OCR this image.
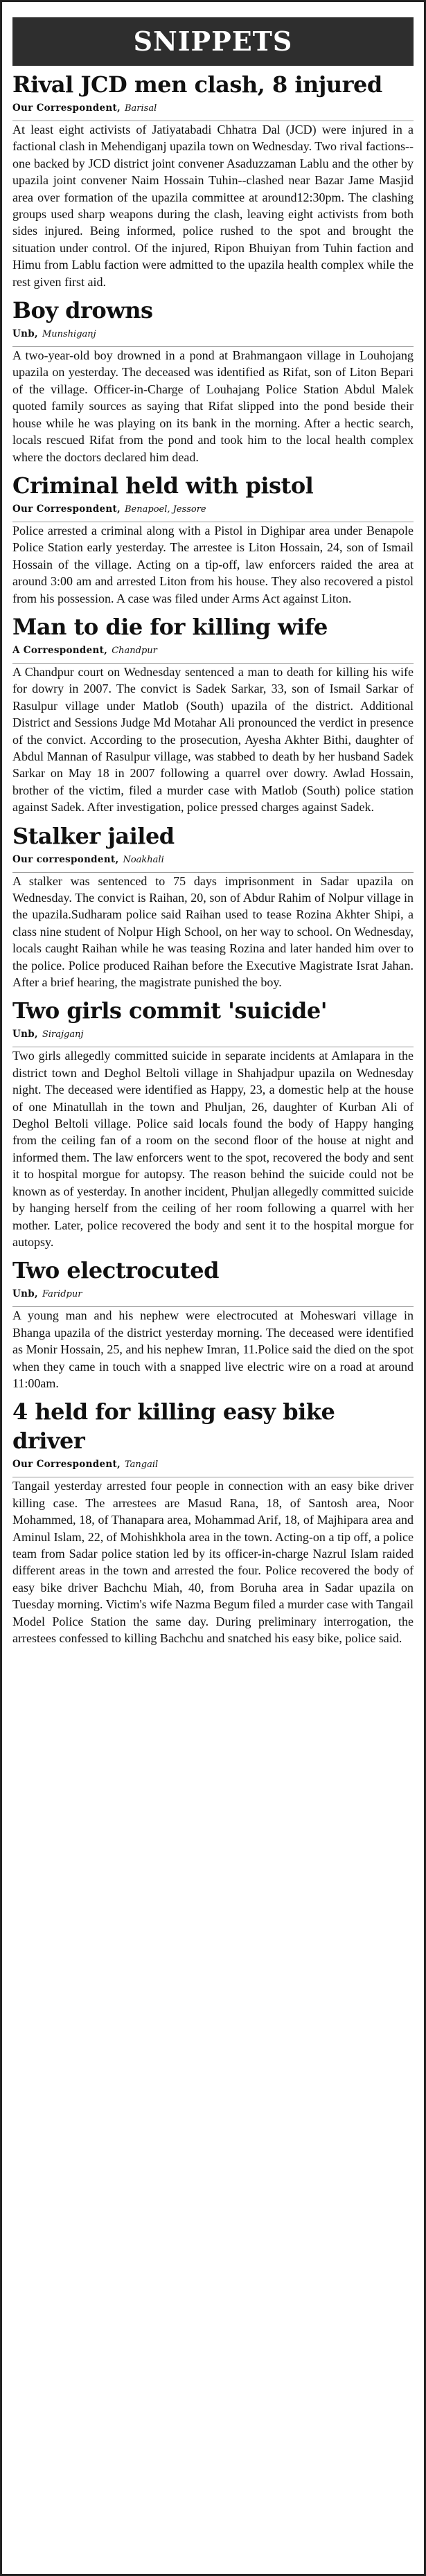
SNIPPETS
Rival JCD men clash, 8 injured
Our Correspondent, Barisal

At least eight activists of Jatiyatabadi Chhatra Dal (JCD) were injured in a factional clash in Mehendiganj upazila town on Wednesday. Two rival factions--one backed by JCD district joint convener Asaduzzaman Lablu and the other by upazila joint convener Naim Hossain Tuhin--clashed near Bazar Jame Masjid area over formation of the upazila committee at around12:30pm. The clashing groups used sharp weapons during the clash, leaving eight activists from both sides injured. Being informed, police rushed to the spot and brought the situation under control. Of the injured, Ripon Bhuiyan from Tuhin faction and Himu from Lablu faction were admitted to the upazila health complex while the rest given first aid.

Boy drowns
Unb, Munshiganj

A two-year-old boy drowned in a pond at Brahmangaon village in Louhojang upazila on yesterday. The deceased was identified as Rifat, son of Liton Bepari of the village. Officer-in-Charge of Louhajang Police Station Abdul Malek quoted family sources as saying that Rifat slipped into the pond beside their house while he was playing on its bank in the morning. After a hectic search, locals rescued Rifat from the pond and took him to the local health complex where the doctors declared him dead.

Criminal held with pistol
Our Correspondent, Benapoel, Jessore

Police arrested a criminal along with a Pistol in Dighipar area under Benapole Police Station early yesterday. The arrestee is Liton Hossain, 24, son of Ismail Hossain of the village. Acting on a tip-off, law enforcers raided the area at around 3:00 am and arrested Liton from his house. They also recovered a pistol from his possession. A case was filed under Arms Act against Liton.

Man to die for killing wife
A Correspondent, Chandpur

A Chandpur court on Wednesday sentenced a man to death for killing his wife for dowry in 2007. The convict is Sadek Sarkar, 33, son of Ismail Sarkar of Rasulpur village under Matlob (South) upazila of the district. Additional District and Sessions Judge Md Motahar Ali pronounced the verdict in presence of the convict. According to the prosecution, Ayesha Akhter Bithi, daughter of Abdul Mannan of Rasulpur village, was stabbed to death by her husband Sadek Sarkar on May 18 in 2007 following a quarrel over dowry. Awlad Hossain, brother of the victim, filed a murder case with Matlob (South) police station against Sadek. After investigation, police pressed charges against Sadek.

Stalker jailed
Our correspondent, Noakhali

A stalker was sentenced to 75 days imprisonment in Sadar upazila on Wednesday. The convict is Raihan, 20, son of Abdur Rahim of Nolpur village in the upazila.Sudharam police said Raihan used to tease Rozina Akhter Shipi, a class nine student of Nolpur High School, on her way to school. On Wednesday, locals caught Raihan while he was teasing Rozina and later handed him over to the police. Police produced Raihan before the Executive Magistrate Israt Jahan. After a brief hearing, the magistrate punished the boy.

Two girls commit 'suicide'
Unb, Sirajganj

Two girls allegedly committed suicide in separate incidents at Amlapara in the district town and Deghol Beltoli village in Shahjadpur upazila on Wednesday night. The deceased were identified as Happy, 23, a domestic help at the house of one Minatullah in the town and Phuljan, 26, daughter of Kurban Ali of Deghol Beltoli village. Police said locals found the body of Happy hanging from the ceiling fan of a room on the second floor of the house at night and informed them. The law enforcers went to the spot, recovered the body and sent it to hospital morgue for autopsy. The reason behind the suicide could not be known as of yesterday. In another incident, Phuljan allegedly committed suicide by hanging herself from the ceiling of her room following a quarrel with her mother. Later, police recovered the body and sent it to the hospital morgue for autopsy.

Two electrocuted
Unb, Faridpur

A young man and his nephew were electrocuted at Moheswari village in Bhanga upazila of the district yesterday morning. The deceased were identified as Monir Hossain, 25, and his nephew Imran, 11.Police said the died on the spot when they came in touch with a snapped live electric wire on a road at around 11:00am.

4 held for killing easy bike driver
Our Correspondent, Tangail

Tangail yesterday arrested four people in connection with an easy bike driver killing case. The arrestees are Masud Rana, 18, of Santosh area, Noor Mohammed, 18, of Thanapara area, Mohammad Arif, 18, of Majhipara area and Aminul Islam, 22, of Mohishkhola area in the town. Acting-on a tip off, a police team from Sadar police station led by its officer-in-charge Nazrul Islam raided different areas in the town and arrested the four. Police recovered the body of easy bike driver Bachchu Miah, 40, from Boruha area in Sadar upazila on Tuesday morning. Victim's wife Nazma Begum filed a murder case with Tangail Model Police Station the same day. During preliminary interrogation, the arrestees confessed to killing Bachchu and snatched his easy bike, police said.
